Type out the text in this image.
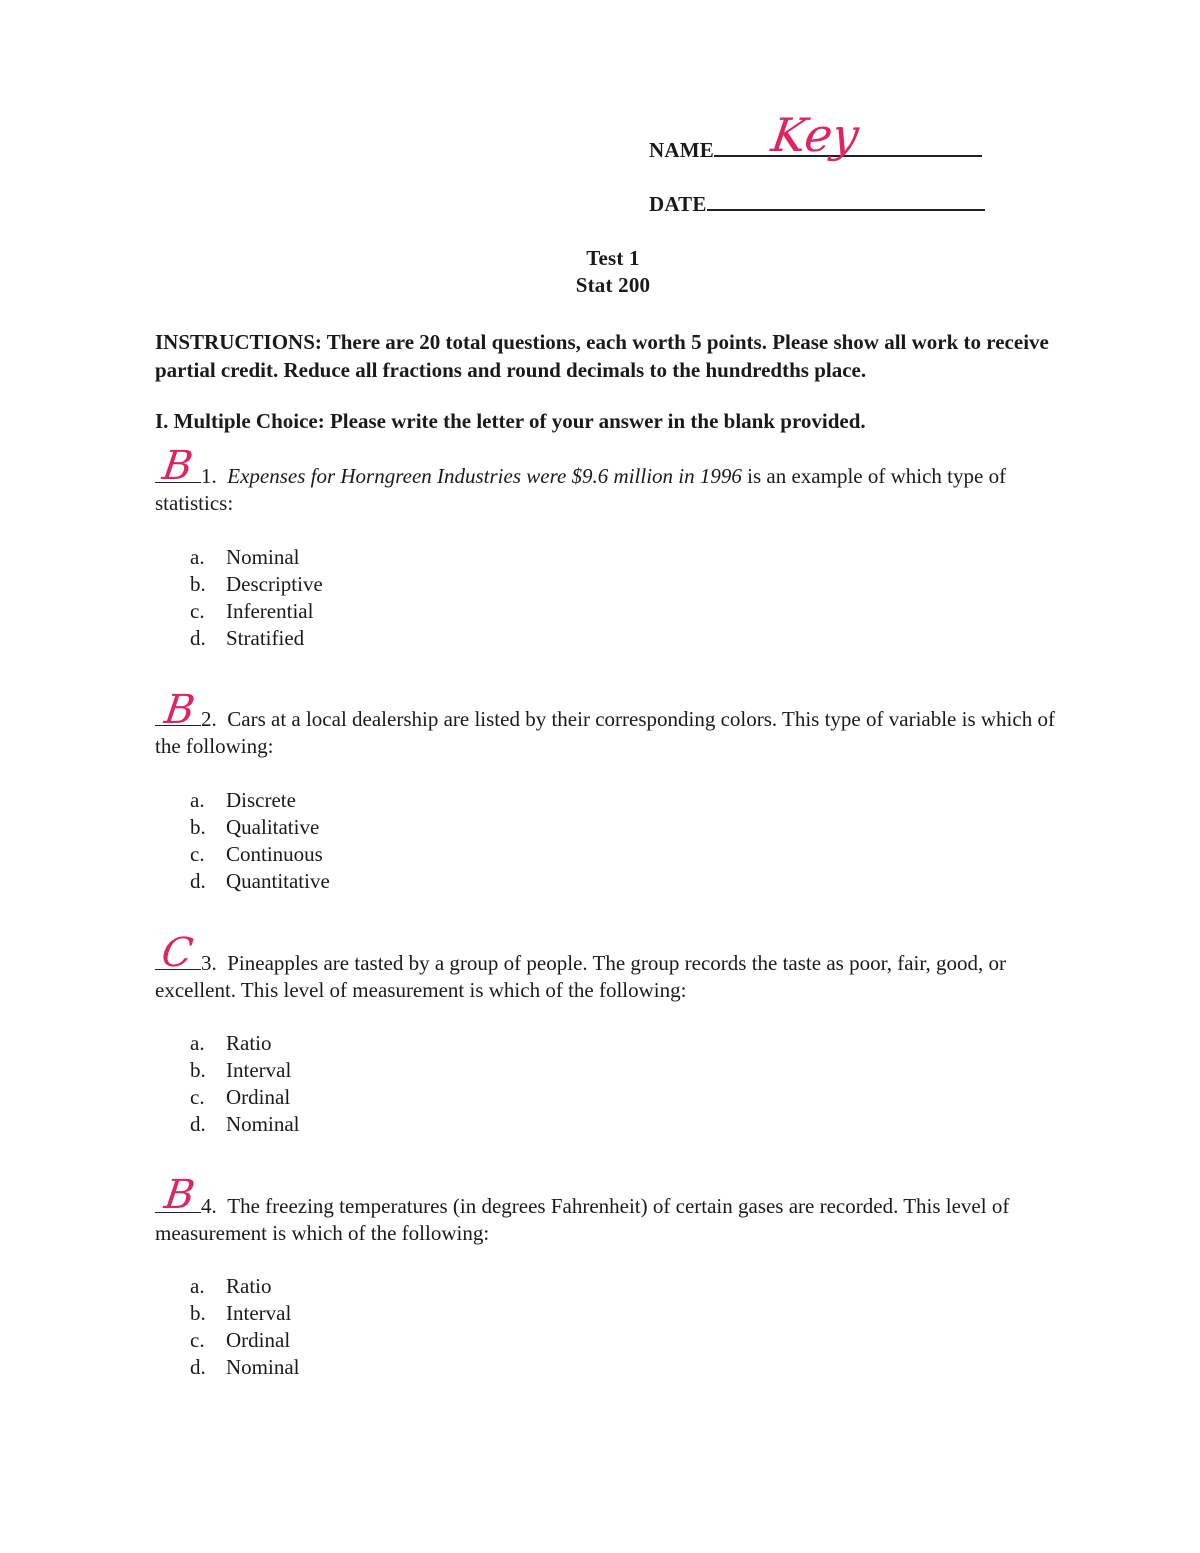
NAME	Key
DATE
Test 1
Stat 200
INSTRUCTIONS: There are 20 total questions, each worth 5 points. Please show all work to receive partial credit. Reduce all fractions and round decimals to the hundredths place.
I. Multiple Choice: Please write the letter of your answer in the blank provided.
1. Expenses for Horngreen Industries were $9.6 million in 1996 is an example of which type of statistics:
B
a. Nominal
b. Descriptive
c. Inferential
d. Stratified
2. Cars at a local dealership are listed by their corresponding colors. This type of variable is which of the following:
B
a. Discrete
b. Qualitative
c. Continuous
d. Quantitative
3. Pineapples are tasted by a group of people. The group records the taste as poor, fair, good, or excellent. This level of measurement is which of the following:
C
a. Ratio
b. Interval
c. Ordinal
d. Nominal
4. The freezing temperatures (in degrees Fahrenheit) of certain gases are recorded. This level of measurement is which of the following:
B
a. Ratio
b. Interval
c. Ordinal
d. Nominal
